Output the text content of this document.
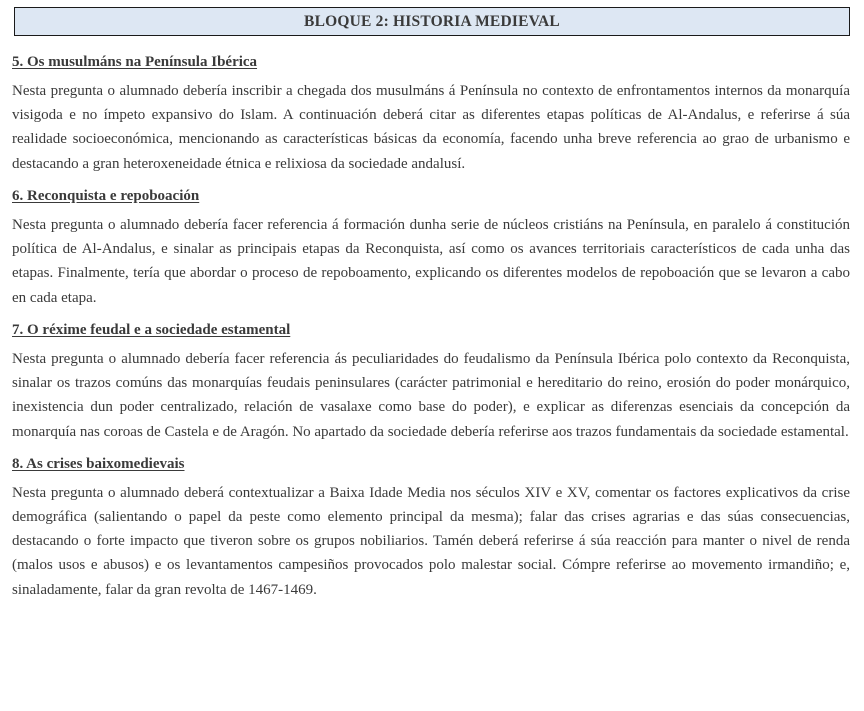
BLOQUE 2: HISTORIA MEDIEVAL
5. Os musulmáns na Península Ibérica

Nesta pregunta o alumnado debería inscribir a chegada dos musulmáns á Península no contexto de enfrontamentos internos da monarquía visigoda e no ímpeto expansivo do Islam. A continuación deberá citar as diferentes etapas políticas de Al-Andalus, e referirse á súa realidade socioeconómica, mencionando as características básicas da economía, facendo unha breve referencia ao grao de urbanismo e destacando a gran heteroxeneidade étnica e relixiosa da sociedade andalusí.

6. Reconquista e repoboación

Nesta pregunta o alumnado debería facer referencia á formación dunha serie de núcleos cristiáns na Península, en paralelo á constitución política de Al-Andalus, e sinalar as principais etapas da Reconquista, así como os avances territoriais característicos de cada unha das etapas. Finalmente, tería que abordar o proceso de repoboamento, explicando os diferentes modelos de repoboación que se levaron a cabo en cada etapa.

7. O réxime feudal e a sociedade estamental

Nesta pregunta o alumnado debería facer referencia ás peculiaridades do feudalismo da Península Ibérica polo contexto da Reconquista, sinalar os trazos comúns das monarquías feudais peninsulares (carácter patrimonial e hereditario do reino, erosión do poder monárquico, inexistencia dun poder centralizado, relación de vasalaxe como base do poder), e explicar as diferenzas esenciais da concepción da monarquía nas coroas de Castela e de Aragón. No apartado da sociedade debería referirse aos trazos fundamentais da sociedade estamental.

8. As crises baixomedievais

Nesta pregunta o alumnado deberá contextualizar a Baixa Idade Media nos séculos XIV e XV, comentar os factores explicativos da crise demográfica (salientando o papel da peste como elemento principal da mesma); falar das crises agrarias e das súas consecuencias, destacando o forte impacto que tiveron sobre os grupos nobiliarios. Tamén deberá referirse á súa reacción para manter o nivel de renda (malos usos e abusos) e os levantamentos campesiños provocados polo malestar social. Cómpre referirse ao movemento irmandiño; e, sinaladamente, falar da gran revolta de 1467-1469.
